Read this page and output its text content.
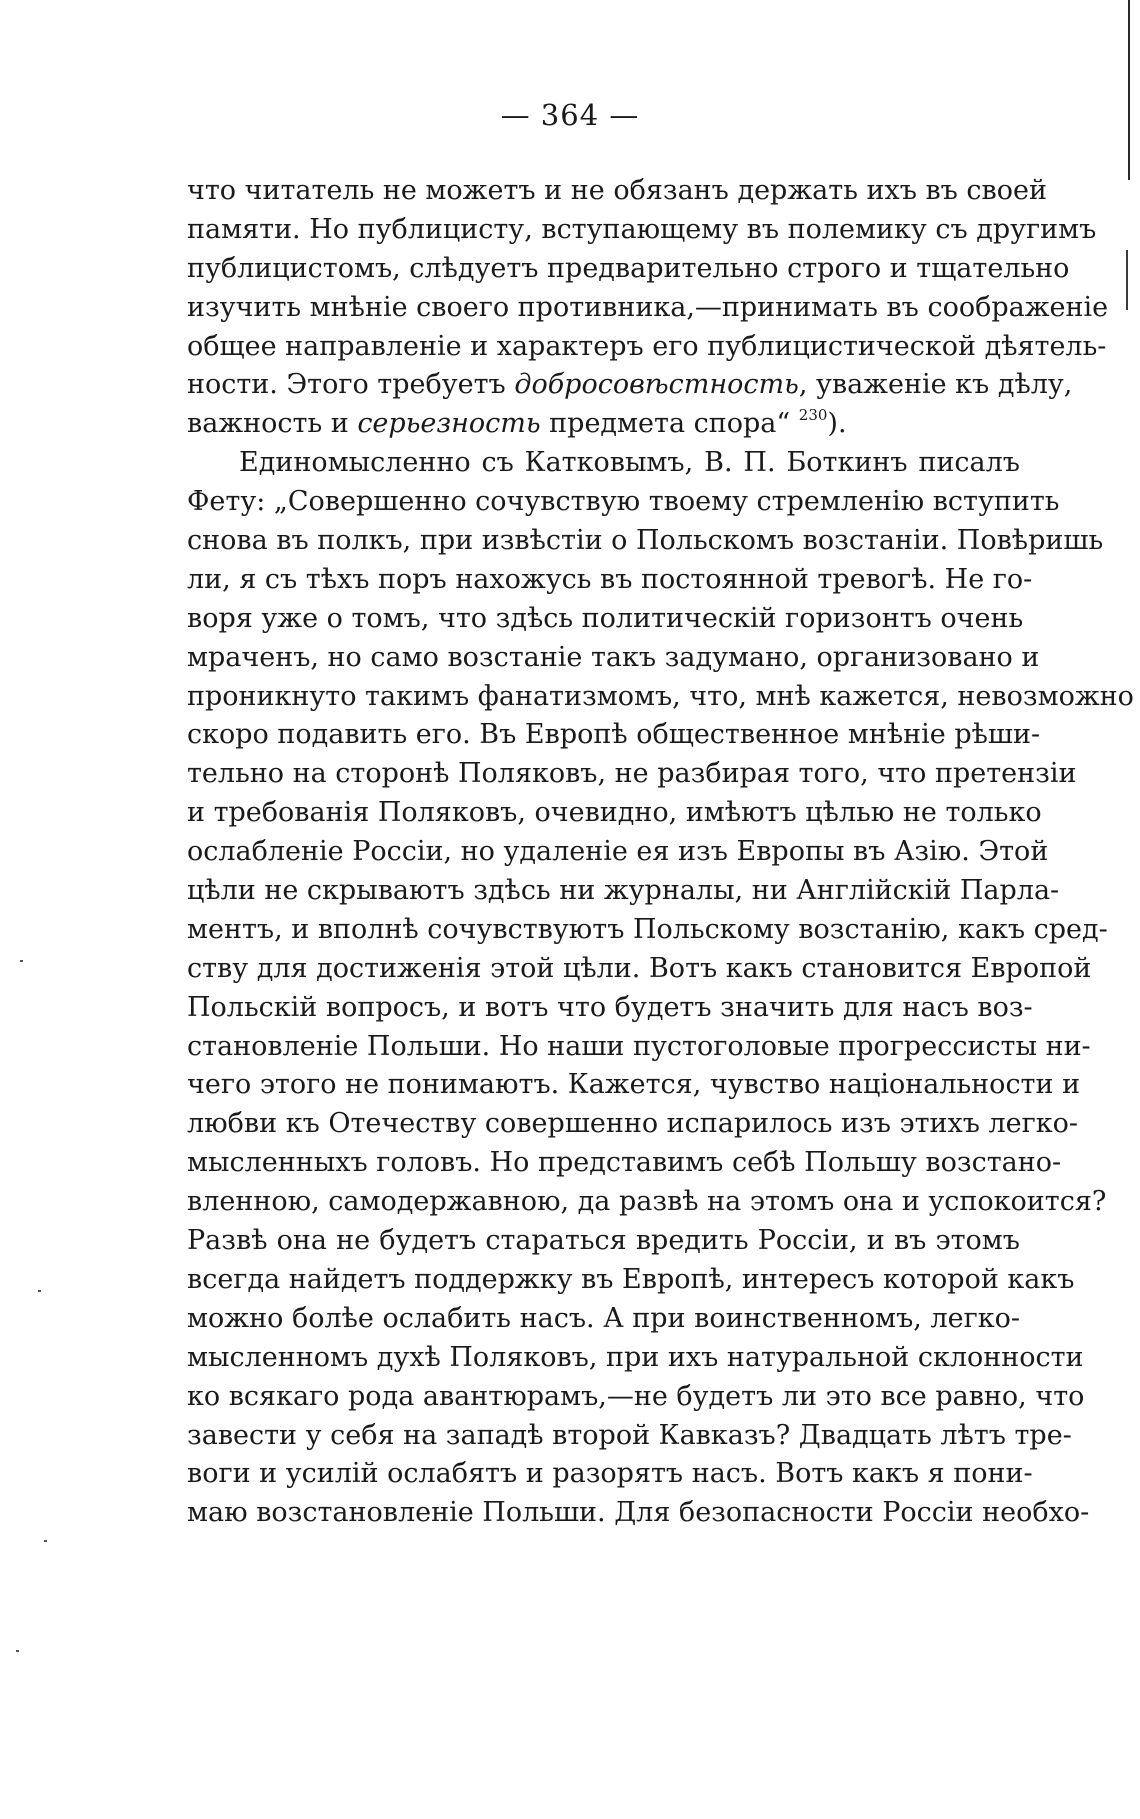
— 364 —
что читатель не можетъ и не обязанъ держать ихъ въ своей
памяти. Но публицисту, вступающему въ полемику съ другимъ
публицистомъ, слѣдуетъ предварительно строго и тщательно
изучить мнѣніе своего противника,—принимать въ соображеніе
общее направленіе и характеръ его публицистической дѣятель-
ности. Этого требуетъ добросовѣстность, уваженіе къ дѣлу,
важность и серьезность предмета спора“ $^{230}$).
Единомысленно съ Катковымъ, В. П. Боткинъ писалъ
Фету: „Совершенно сочувствую твоему стремленію вступить
снова въ полкъ, при извѣстіи о Польскомъ возстаніи. Повѣришь
ли, я съ тѣхъ поръ нахожусь въ постоянной тревогѣ. Не го-
воря уже о томъ, что здѣсь политическій горизонтъ очень
мраченъ, но само возстаніе такъ задумано, организовано и
проникнуто такимъ фанатизмомъ, что, мнѣ кажется, невозможно
скоро подавить его. Въ Европѣ общественное мнѣніе рѣши-
тельно на сторонѣ Поляковъ, не разбирая того, что претензіи
и требованія Поляковъ, очевидно, имѣютъ цѣлью не только
ослабленіе Россіи, но удаленіе ея изъ Европы въ Азію. Этой
цѣли не скрываютъ здѣсь ни журналы, ни Англійскій Парла-
ментъ, и вполнѣ сочувствуютъ Польскому возстанію, какъ сред-
ству для достиженія этой цѣли. Вотъ какъ становится Европой
Польскій вопросъ, и вотъ что будетъ значить для насъ воз-
становленіе Польши. Но наши пустоголовые прогрессисты ни-
чего этого не понимаютъ. Кажется, чувство національности и
любви къ Отечеству совершенно испарилось изъ этихъ легко-
мысленныхъ головъ. Но представимъ себѣ Польшу возстано-
вленною, самодержавною, да развѣ на этомъ она и успокоится?
Развѣ она не будетъ стараться вредить Россіи, и въ этомъ
всегда найдетъ поддержку въ Европѣ, интересъ которой какъ
можно болѣе ослабить насъ. А при воинственномъ, легко-
мысленномъ духѣ Поляковъ, при ихъ натуральной склонности
ко всякаго рода авантюрамъ,—не будетъ ли это все равно, что
завести у себя на западѣ второй Кавказъ? Двадцать лѣтъ тре-
воги и усилій ослабятъ и разорятъ насъ. Вотъ какъ я пони-
маю возстановленіе Польши. Для безопасности Россіи необхо-
